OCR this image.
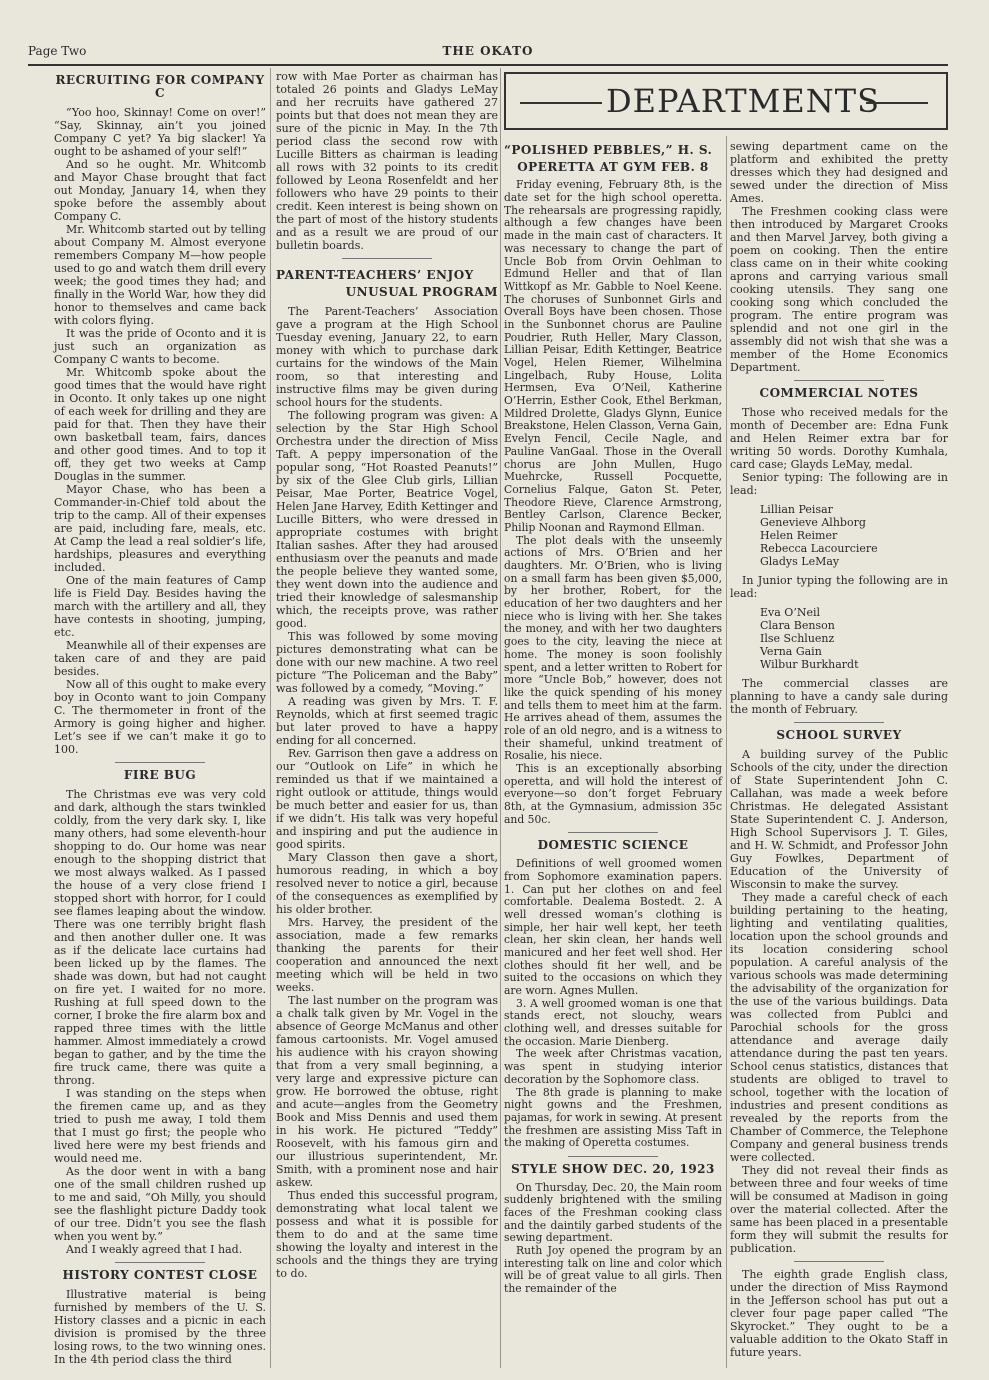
THE OKATO
Page Two
RECRUITING FOR COMPANY C

“Yoo hoo, Skinnay! Come on over!” “Say, Skinnay, ain’t you joined Company C yet? Ya big slacker! Ya ought to be ashamed of your self!”

And so he ought. Mr. Whitcomb and Mayor Chase brought that fact out Monday, January 14, when they spoke before the assembly about Company C.

Mr. Whitcomb started out by telling about Company M. Almost everyone remembers Company M—how people used to go and watch them drill every week; the good times they had; and finally in the World War, how they did honor to themselves and came back with colors flying.

It was the pride of Oconto and it is just such an organization as Company C wants to become.

Mr. Whitcomb spoke about the good times that the would have right in Oconto. It only takes up one night of each week for drilling and they are paid for that. Then they have their own basketball team, fairs, dances and other good times. And to top it off, they get two weeks at Camp Douglas in the summer.

Mayor Chase, who has been a Commander-in-Chief told about the trip to the camp. All of their expenses are paid, including fare, meals, etc. At Camp the lead a real soldier’s life, hardships, pleasures and everything included.

One of the main features of Camp life is Field Day. Besides having the march with the artillery and all, they have contests in shooting, jumping, etc.

Meanwhile all of their expenses are taken care of and they are paid besides.

Now all of this ought to make every boy in Oconto want to join Company C. The thermometer in front of the Armory is going higher and higher. Let’s see if we can’t make it go to 100.

FIRE BUG

The Christmas eve was very cold and dark, although the stars twinkled coldly, from the very dark sky. I, like many others, had some eleventh-hour shopping to do. Our home was near enough to the shopping district that we most always walked. As I passed the house of a very close friend I stopped short with horror, for I could see flames leaping about the window. There was one terribly bright flash and then another duller one. It was as if the delicate lace curtains had been licked up by the flames. The shade was down, but had not caught on fire yet. I waited for no more. Rushing at full speed down to the corner, I broke the fire alarm box and rapped three times with the little hammer. Almost immediately a crowd began to gather, and by the time the fire truck came, there was quite a throng.

I was standing on the steps when the firemen came up, and as they tried to push me away, I told them that I must go first; the people who lived here were my best friends and would need me.

As the door went in with a bang one of the small children rushed up to me and said, “Oh Milly, you should see the flashlight picture Daddy took of our tree. Didn’t you see the flash when you went by.”

And I weakly agreed that I had.

HISTORY CONTEST CLOSE

Illustrative material is being furnished by members of the U. S. History classes and a picnic in each division is promised by the three losing rows, to the two winning ones. In the 4th period class the third

row with Mae Porter as chairman has totaled 26 points and Gladys LeMay and her recruits have gathered 27 points but that does not mean they are sure of the picnic in May. In the 7th period class the second row with Lucille Bitters as chairman is leading all rows with 32 points to its credit followed by Leona Rosenfeldt and her followers who have 29 points to their credit. Keen interest is being shown on the part of most of the history students and as a result we are proud of our bulletin boards.

PARENT-TEACHERS’ ENJOY
UNUSUAL PROGRAM

The Parent-Teachers’ Association gave a program at the High School Tuesday evening, January 22, to earn money with which to purchase dark curtains for the windows of the Main room, so that interesting and instructive films may be given during school hours for the students.

The following program was given: A selection by the Star High School Orchestra under the direction of Miss Taft. A peppy impersonation of the popular song, “Hot Roasted Peanuts!” by six of the Glee Club girls, Lillian Peisar, Mae Porter, Beatrice Vogel, Helen Jane Harvey, Edith Kettinger and Lucille Bitters, who were dressed in appropriate costumes with bright Italian sashes. After they had aroused enthusiasm over the peanuts and made the people believe they wanted some, they went down into the audience and tried their knowledge of salesmanship which, the receipts prove, was rather good.

This was followed by some moving pictures demonstrating what can be done with our new machine. A two reel picture “The Policeman and the Baby” was followed by a comedy, “Moving.”

A reading was given by Mrs. T. F. Reynolds, which at first seemed tragic but later proved to have a happy ending for all concerned.

Rev. Garrison then gave a address on our “Outlook on Life” in which he reminded us that if we maintained a right outlook or attitude, things would be much better and easier for us, than if we didn’t. His talk was very hopeful and inspiring and put the audience in good spirits.

Mary Classon then gave a short, humorous reading, in which a boy resolved never to notice a girl, because of the consequences as exemplified by his older brother.

Mrs. Harvey, the president of the association, made a few remarks thanking the parents for their cooperation and announced the next meeting which will be held in two weeks.

The last number on the program was a chalk talk given by Mr. Vogel in the absence of George McManus and other famous cartoonists. Mr. Vogel amused his audience with his crayon showing that from a very small beginning, a very large and expressive picture can grow. He borrowed the obtuse, right and acute—angles from the Geometry Book and Miss Dennis and used them in his work. He pictured “Teddy” Roosevelt, with his famous girn and our illustrious superintendent, Mr. Smith, with a prominent nose and hair askew.

Thus ended this successful program, demonstrating what local talent we possess and what it is possible for them to do and at the same time showing the loyalty and interest in the schools and the things they are trying to do.

DEPARTMENTS
“POLISHED PEBBLES,” H. S.
OPERETTA AT GYM FEB. 8

Friday evening, February 8th, is the date set for the high school operetta. The rehearsals are progressing rapidly, although a few changes have been made in the main cast of characters. It was necessary to change the part of Uncle Bob from Orvin Oehlman to Edmund Heller and that of Ilan Wittkopf as Mr. Gabble to Noel Keene. The choruses of Sunbonnet Girls and Overall Boys have been chosen. Those in the Sunbonnet chorus are Pauline Poudrier, Ruth Heller, Mary Classon, Lillian Peisar, Edith Kettinger, Beatrice Vogel, Helen Riemer, Wilhelmina Lingelbach, Ruby House, Lolita Hermsen, Eva O’Neil, Katherine O’Herrin, Esther Cook, Ethel Berkman, Mildred Drolette, Gladys Glynn, Eunice Breakstone, Helen Classon, Verna Gain, Evelyn Fencil, Cecile Nagle, and Pauline VanGaal. Those in the Overall chorus are John Mullen, Hugo Muehrcke, Russell Pocquette, Cornelius Falque, Gaton St. Peter, Theodore Rieve, Clarence Armstrong, Bentley Carlson, Clarence Becker, Philip Noonan and Raymond Ellman.

The plot deals with the unseemly actions of Mrs. O’Brien and her daughters. Mr. O’Brien, who is living on a small farm has been given $5,000, by her brother, Robert, for the education of her two daughters and her niece who is living with her. She takes the money, and with her two daughters goes to the city, leaving the niece at home. The money is soon foolishly spent, and a letter written to Robert for more “Uncle Bob,” however, does not like the quick spending of his money and tells them to meet him at the farm. He arrives ahead of them, assumes the role of an old negro, and is a witness to their shameful, unkind treatment of Rosalie, his niece.

This is an exceptionally absorbing operetta, and will hold the interest of everyone—so don’t forget February 8th, at the Gymnasium, admission 35c and 50c.

DOMESTIC SCIENCE

Definitions of well groomed women from Sophomore examination papers. 1. Can put her clothes on and feel comfortable. Dealema Bostedt. 2. A well dressed woman’s clothing is simple, her hair well kept, her teeth clean, her skin clean, her hands well manicured and her feet well shod. Her clothes should fit her well, and be suited to the occasions on which they are worn. Agnes Mullen.

3. A well groomed woman is one that stands erect, not slouchy, wears clothing well, and dresses suitable for the occasion. Marie Dienberg.

The week after Christmas vacation, was spent in studying interior decoration by the Sophomore class.

The 8th grade is planning to make night gowns and the Freshmen, pajamas, for work in sewing. At present the freshmen are assisting Miss Taft in the making of Operetta costumes.

STYLE SHOW DEC. 20, 1923

On Thursday, Dec. 20, the Main room suddenly brightened with the smiling faces of the Freshman cooking class and the daintily garbed students of the sewing department.

Ruth Joy opened the program by an interesting talk on line and color which will be of great value to all girls. Then the remainder of the

sewing department came on the platform and exhibited the pretty dresses which they had designed and sewed under the direction of Miss Ames.

The Freshmen cooking class were then introduced by Margaret Crooks and then Marvel Jarvey, both giving a poem on cooking. Then the entire class came on in their white cooking aprons and carrying various small cooking utensils. They sang one cooking song which concluded the program. The entire program was splendid and not one girl in the assembly did not wish that she was a member of the Home Economics Department.

COMMERCIAL NOTES

Those who received medals for the month of December are: Edna Funk and Helen Reimer extra bar for writing 50 words. Dorothy Kumhala, card case; Glayds LeMay, medal.

Senior typing: The following are in lead:

Lillian Peisar
Genevieve Alhborg
Helen Reimer
Rebecca Lacourciere
Gladys LeMay

In Junior typing the following are in lead:

Eva O’Neil
Clara Benson
Ilse Schluenz
Verna Gain
Wilbur Burkhardt

The commercial classes are planning to have a candy sale during the month of February.

SCHOOL SURVEY

A building survey of the Public Schools of the city, under the direction of State Superintendent John C. Callahan, was made a week before Christmas. He delegated Assistant State Superintendent C. J. Anderson, High School Supervisors J. T. Giles, and H. W. Schmidt, and Professor John Guy Fowlkes, Department of Education of the University of Wisconsin to make the survey.

They made a careful check of each building pertaining to the heating, lighting and ventilating qualities, location upon the school grounds and its location considering school population. A careful analysis of the various schools was made determining the advisability of the organization for the use of the various buildings. Data was collected from Publci and Parochial schools for the gross attendance and average daily attendance during the past ten years. School cenus statistics, distances that students are obliged to travel to school, together with the location of industries and present conditions as revealed by the reports from the Chamber of Commerce, the Telephone Company and general business trends were collected.

They did not reveal their finds as between three and four weeks of time will be consumed at Madison in going over the material collected. After the same has been placed in a presentable form they will submit the results for publication.

The eighth grade English class, under the direction of Miss Raymond in the Jefferson school has put out a clever four page paper called “The Skyrocket.” They ought to be a valuable addition to the Okato Staff in future years.
